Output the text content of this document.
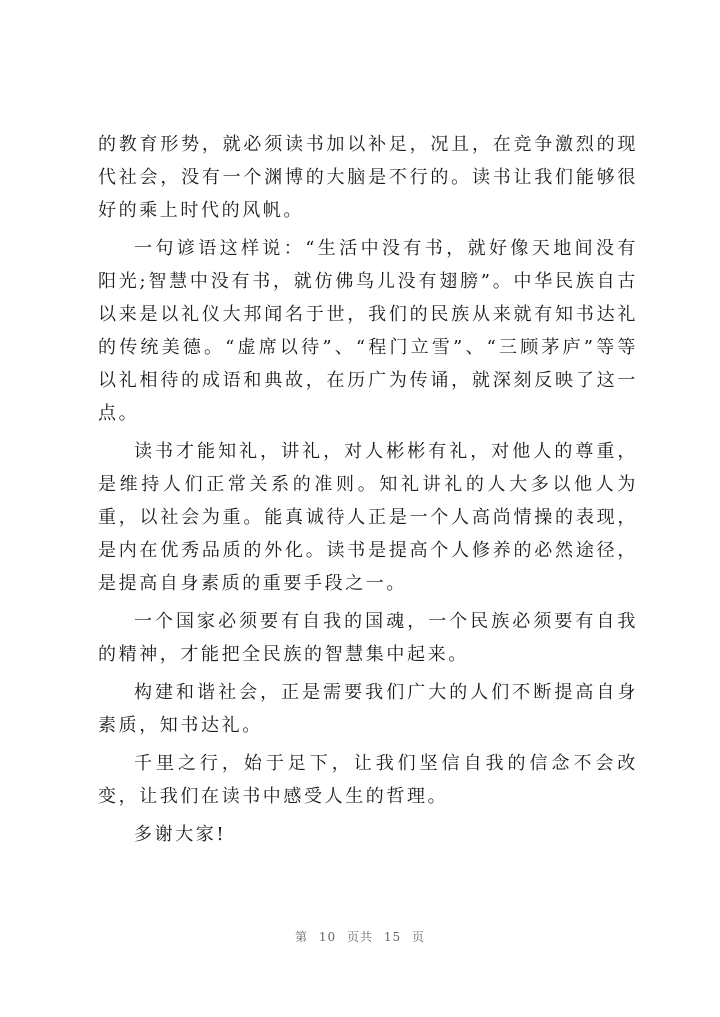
的教育形势，就必须读书加以补足，况且，在竞争激烈的现代社会，没有一个渊博的大脑是不行的。读书让我们能够很好的乘上时代的风帆。

一句谚语这样说：“生活中没有书，就好像天地间没有阳光;智慧中没有书，就仿佛鸟儿没有翅膀”。中华民族自古以来是以礼仪大邦闻名于世，我们的民族从来就有知书达礼的传统美德。“虚席以待”、“程门立雪”、“三顾茅庐”等等以礼相待的成语和典故，在历广为传诵，就深刻反映了这一点。

读书才能知礼，讲礼，对人彬彬有礼，对他人的尊重，是维持人们正常关系的准则。知礼讲礼的人大多以他人为重，以社会为重。能真诚待人正是一个人高尚情操的表现，是内在优秀品质的外化。读书是提高个人修养的必然途径，是提高自身素质的重要手段之一。

一个国家必须要有自我的国魂，一个民族必须要有自我的精神，才能把全民族的智慧集中起来。

构建和谐社会，正是需要我们广大的人们不断提高自身素质，知书达礼。

千里之行，始于足下，让我们坚信自我的信念不会改变，让我们在读书中感受人生的哲理。

多谢大家!

第 10 页共 15 页
